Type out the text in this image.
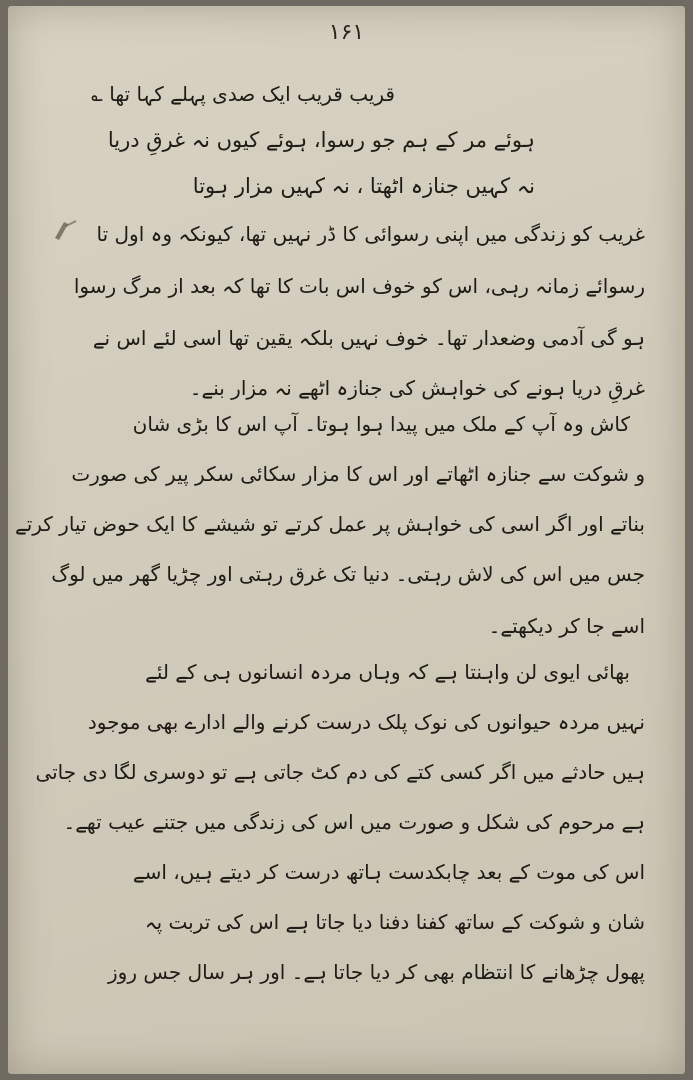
۱۶۱
قریب قریب ایک صدی پہلے کہا تھا ؎
ہوئے مر کے ہم جو رسوا، ہوئے کیوں نہ غرقِ دریا
نہ کہیں جنازہ اٹھتا ، نہ کہیں مزار ہوتا
غریب کو زندگی میں اپنی رسوائی کا ڈر نہیں تھا، کیونکہ وہ اول تا
رسوائے زمانہ رہی، اس کو خوف اس بات کا تھا کہ بعد از مرگ رسوا
ہو گی آدمی وضعدار تھا۔ خوف نہیں بلکہ یقین تھا اسی لئے اس نے
غرقِ دریا ہونے کی خواہش کی جنازہ اٹھے نہ مزار بنے۔
کاش وہ آپ کے ملک میں پیدا ہوا ہوتا۔ آپ اس کا بڑی شان
و شوکت سے جنازہ اٹھاتے اور اس کا مزار سکائی سکر پیر کی صورت
بناتے اور اگر اسی کی خواہش پر عمل کرتے تو شیشے کا ایک حوض تیار کرتے
جس میں اس کی لاش رہتی۔ دنیا تک غرق رہتی اور چڑیا گھر میں لوگ
اسے جا کر دیکھتے۔
بھائی ایوی لن واہنتا ہے کہ وہاں مردہ انسانوں ہی کے لئے
نہیں مردہ حیوانوں کی نوک پلک درست کرنے والے ادارے بھی موجود
ہیں حادثے میں اگر کسی کتے کی دم کٹ جاتی ہے تو دوسری لگا دی جاتی
ہے مرحوم کی شکل و صورت میں اس کی زندگی میں جتنے عیب تھے۔
اس کی موت کے بعد چابکدست ہاتھ درست کر دیتے ہیں، اسے
شان و شوکت کے ساتھ کفنا دفنا دیا جاتا ہے اس کی تربت پہ
پھول چڑھانے کا انتظام بھی کر دیا جاتا ہے۔ اور ہر سال جس روز
